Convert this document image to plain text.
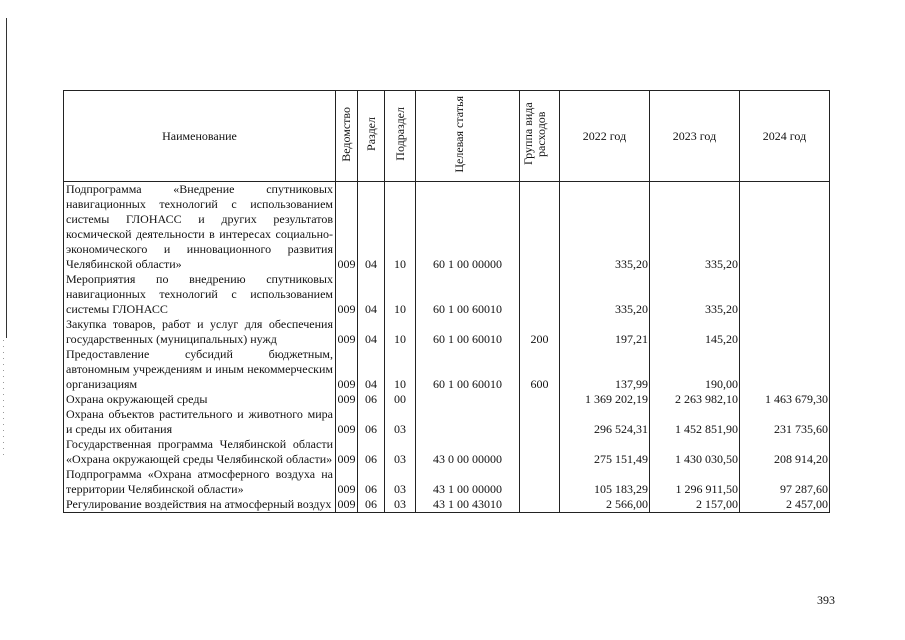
Наименование	Ведомство	Раздел	Подраздел	Целевая статья	Группа вида расходов	2022 год	2023 год	2024 год
Подпрограмма «Внедрение спутниковых навигационных технологий с использованием системы ГЛОНАСС и других результатов космической деятельности в интересах социально-экономического и инновационного развития Челябинской области»	009	04	10	60 1 00 00000		335,20	335,20	
Мероприятия по внедрению спутниковых навигационных технологий с использованием системы ГЛОНАСС	009	04	10	60 1 00 60010		335,20	335,20	
Закупка товаров, работ и услуг для обеспечения государственных (муниципальных) нужд	009	04	10	60 1 00 60010	200	197,21	145,20	
Предоставление субсидий бюджетным, автономным учреждениям и иным некоммерческим организациям	009	04	10	60 1 00 60010	600	137,99	190,00	
Охрана окружающей среды	009	06	00			1 369 202,19	2 263 982,10	1 463 679,30
Охрана объектов растительного и животного мира и среды их обитания	009	06	03			296 524,31	1 452 851,90	231 735,60
Государственная программа Челябинской области «Охрана окружающей среды Челябинской области»	009	06	03	43 0 00 00000		275 151,49	1 430 030,50	208 914,20
Подпрограмма «Охрана атмосферного воздуха на территории Челябинской области»	009	06	03	43 1 00 00000		105 183,29	1 296 911,50	97 287,60
Регулирование воздействия на атмосферный воздух	009	06	03	43 1 00 43010		2 566,00	2 157,00	2 457,00
393
